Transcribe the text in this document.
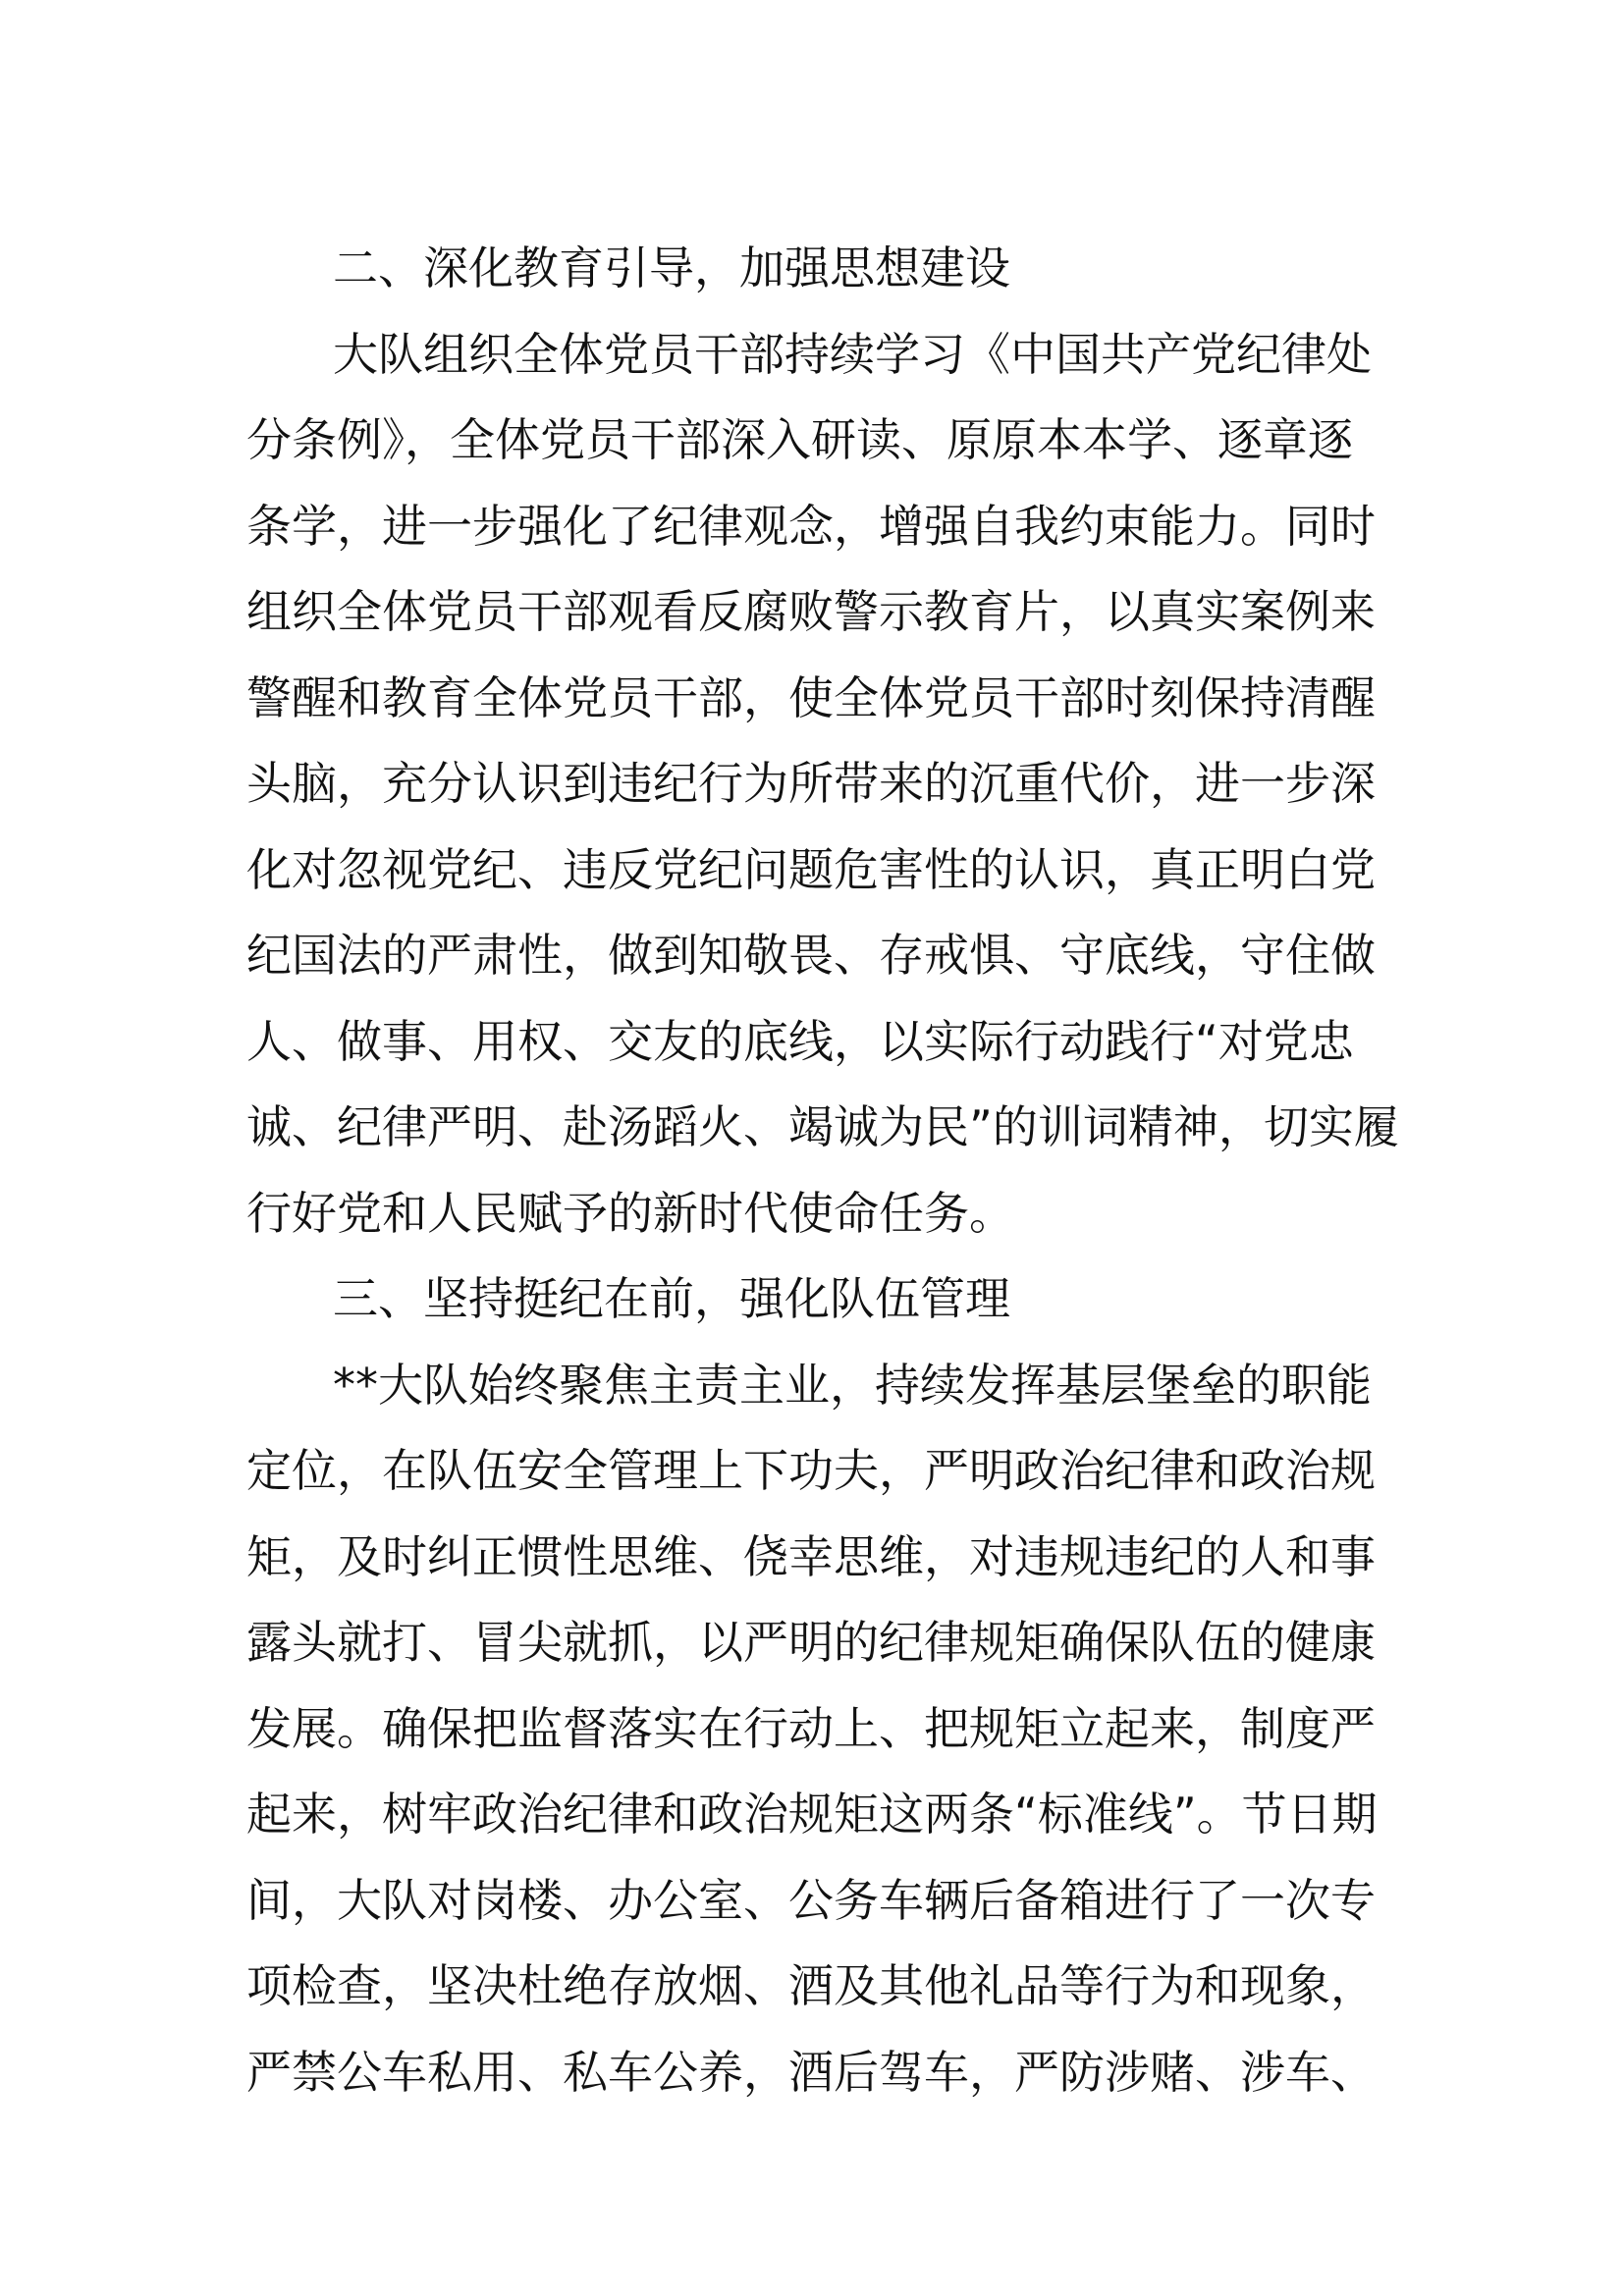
二、深化教育引导，加强思想建设
大队组织全体党员干部持续学习《中国共产党纪律处
分条例》，全体党员干部深入研读、原原本本学、逐章逐
条学，进一步强化了纪律观念，增强自我约束能力。同时
组织全体党员干部观看反腐败警示教育片，以真实案例来
警醒和教育全体党员干部，使全体党员干部时刻保持清醒
头脑，充分认识到违纪行为所带来的沉重代价，进一步深
化对忽视党纪、违反党纪问题危害性的认识，真正明白党
纪国法的严肃性，做到知敬畏、存戒惧、守底线，守住做
人、做事、用权、交友的底线，以实际行动践行“对党忠
诚、纪律严明、赴汤蹈火、竭诚为民”的训词精神，切实履
行好党和人民赋予的新时代使命任务。
三、坚持挺纪在前，强化队伍管理
**大队始终聚焦主责主业，持续发挥基层堡垒的职能
定位，在队伍安全管理上下功夫，严明政治纪律和政治规
矩，及时纠正惯性思维、侥幸思维，对违规违纪的人和事
露头就打、冒尖就抓，以严明的纪律规矩确保队伍的健康
发展。确保把监督落实在行动上、把规矩立起来，制度严
起来，树牢政治纪律和政治规矩这两条“标准线”。节日期
间，大队对岗楼、办公室、公务车辆后备箱进行了一次专
项检查，坚决杜绝存放烟、酒及其他礼品等行为和现象，
严禁公车私用、私车公养，酒后驾车，严防涉赌、涉车、
